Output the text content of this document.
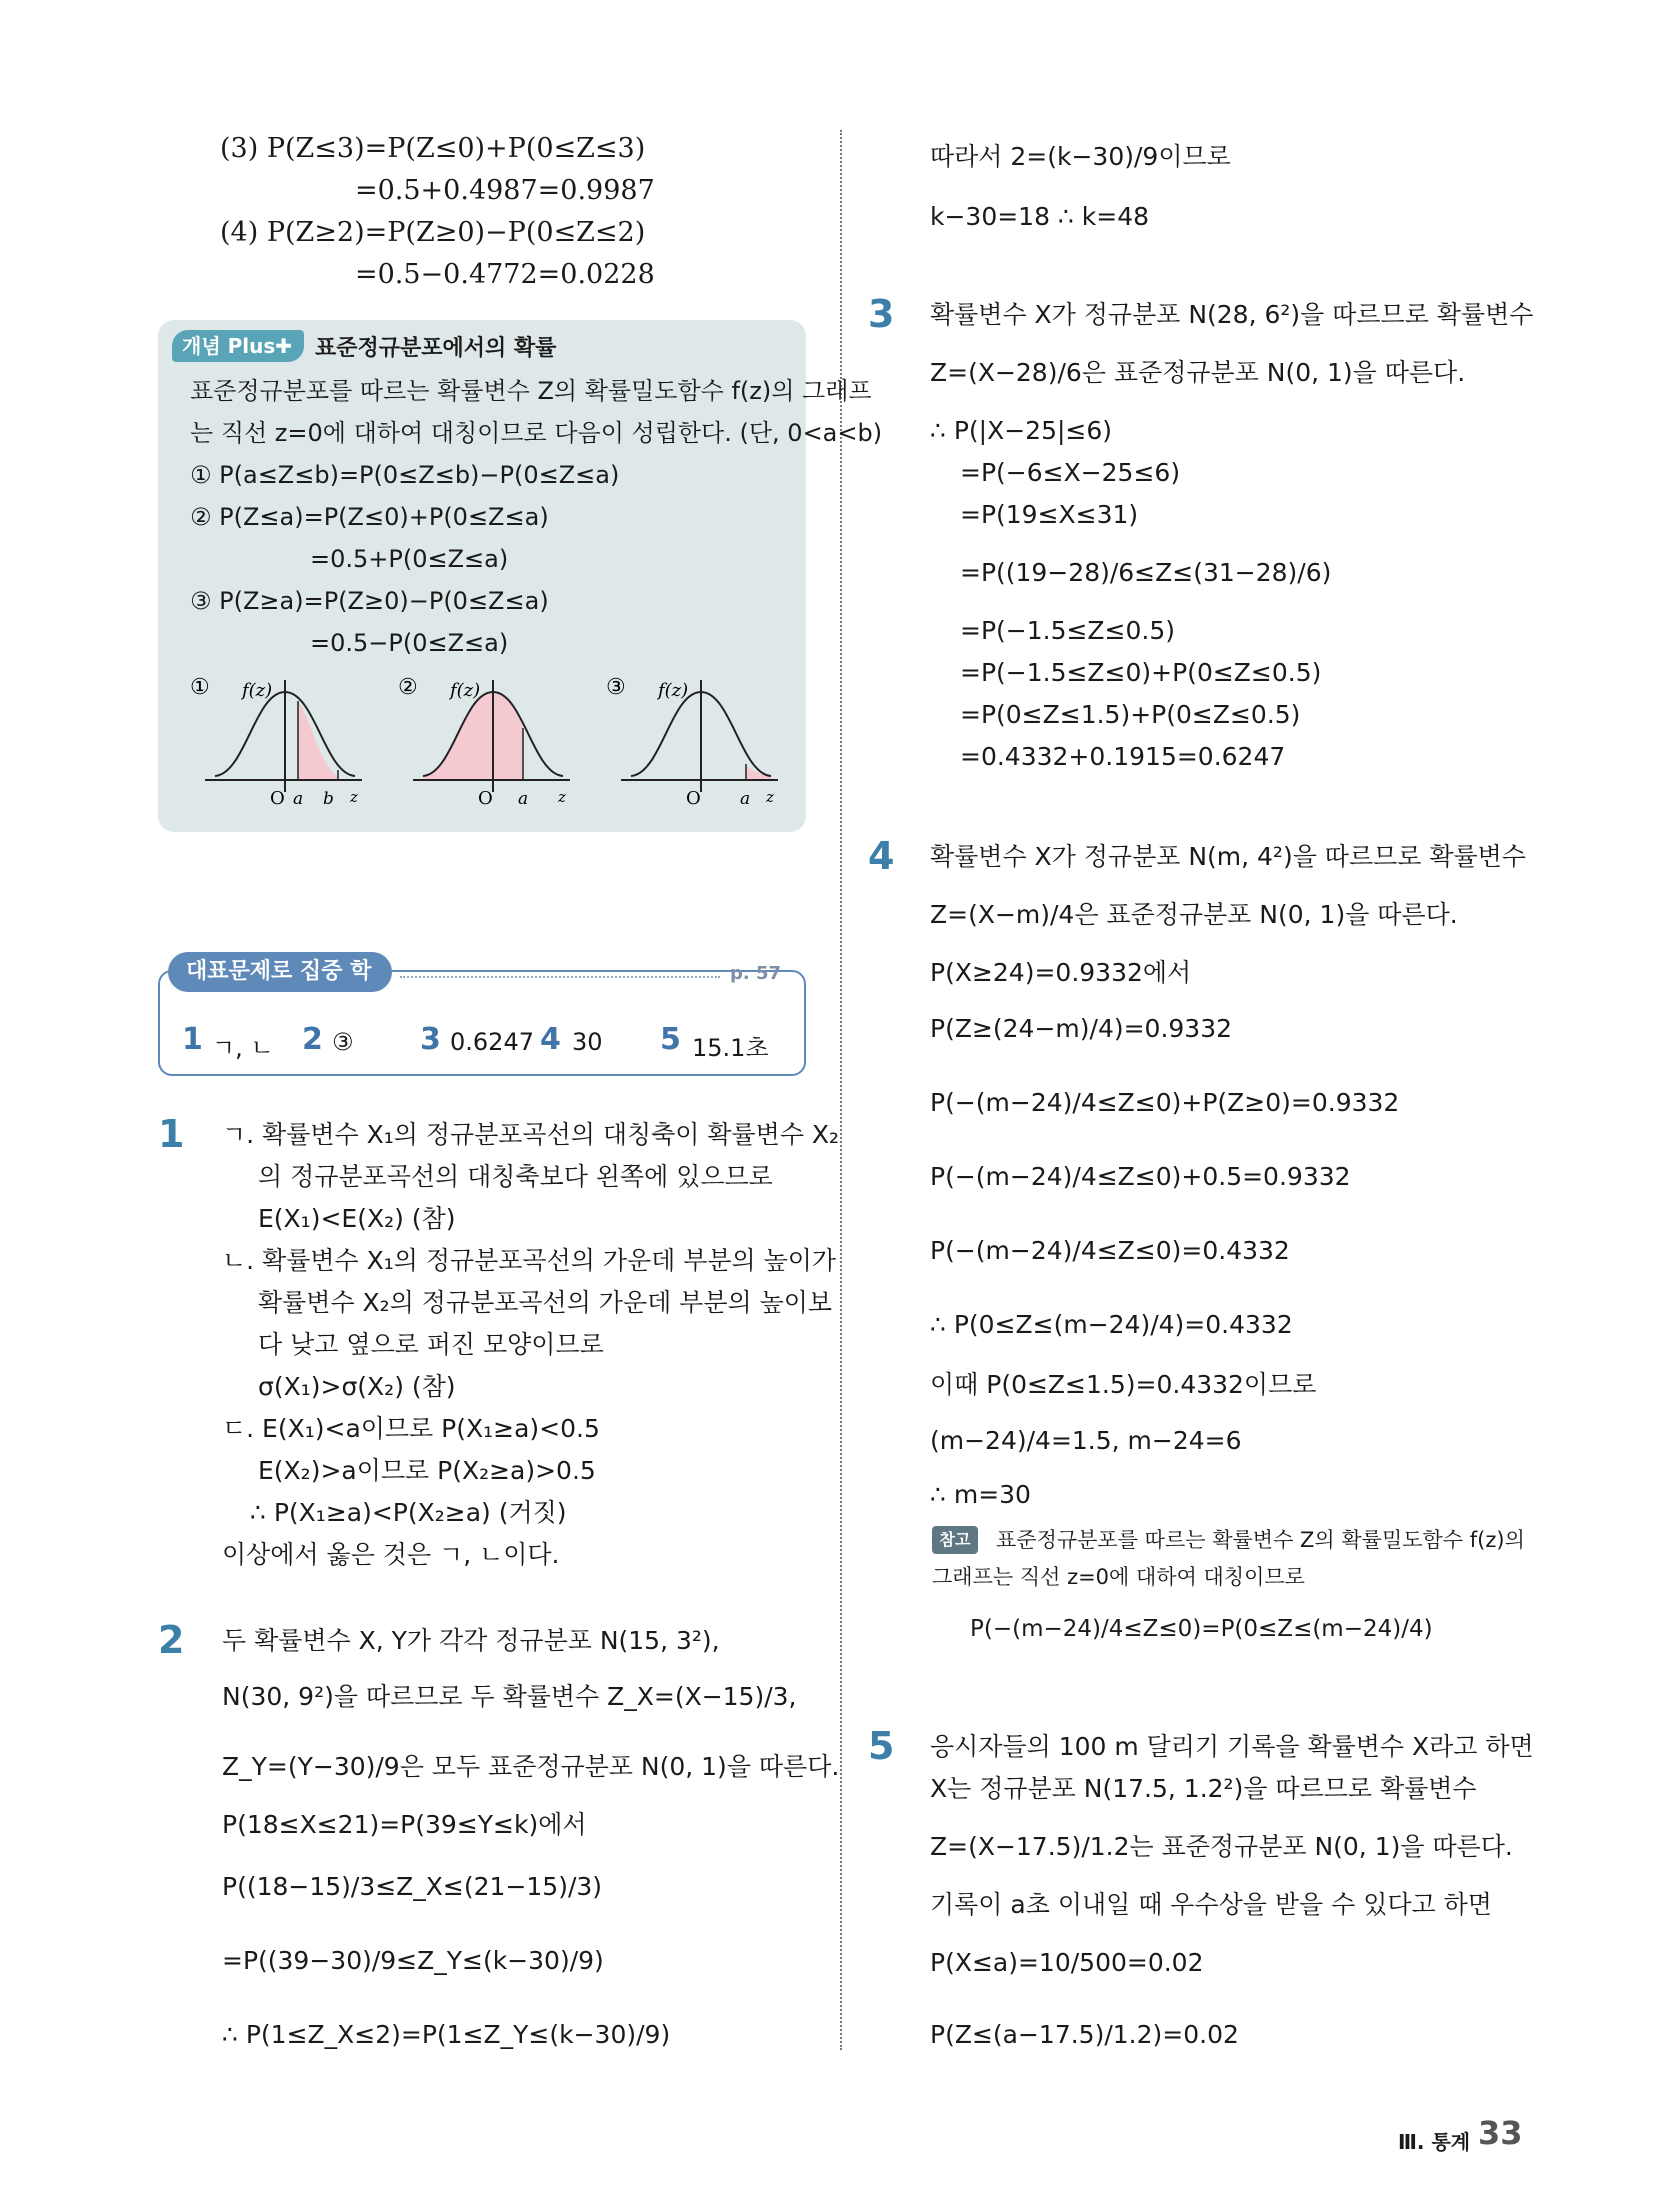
(3) P(Z≤3)=P(Z≤0)+P(0≤Z≤3)
=0.5+0.4987=0.9987
(4) P(Z≥2)=P(Z≥0)−P(0≤Z≤2)
=0.5−0.4772=0.0228
개념 Plus✚	표준정규분포에서의 확률
표준정규분포를 따르는 확률변수 Z의 확률밀도함수 f(z)의 그래프
는 직선 z=0에 대하여 대칭이므로 다음이 성립한다. (단, 0<a<b)
① P(a≤Z≤b)=P(0≤Z≤b)−P(0≤Z≤a)
② P(Z≤a)=P(Z≤0)+P(0≤Z≤a)
=0.5+P(0≤Z≤a)
③ P(Z≥a)=P(Z≥0)−P(0≤Z≤a)
=0.5−P(0≤Z≤a)
① f(z)
O a b z
② f(z)
O a z
③ f(z)
O a z
대표문제로 집중 학습
p. 57
1 ㄱ, ㄴ 2 ③ 3 0.6247 4 30 5 15.1초
1 ㄱ. 확률변수 X₁의 정규분포곡선의 대칭축이 확률변수 X₂
의 정규분포곡선의 대칭축보다 왼쪽에 있으므로
E(X₁)<E(X₂) (참)
ㄴ. 확률변수 X₁의 정규분포곡선의 가운데 부분의 높이가
확률변수 X₂의 정규분포곡선의 가운데 부분의 높이보
다 낮고 옆으로 퍼진 모양이므로
σ(X₁)>σ(X₂) (참)
ㄷ. E(X₁)<a이므로 P(X₁≥a)<0.5
E(X₂)>a이므로 P(X₂≥a)>0.5
∴ P(X₁≥a)<P(X₂≥a) (거짓)
이상에서 옳은 것은 ㄱ, ㄴ이다.
2 두 확률변수 X, Y가 각각 정규분포 N(15, 3²),
N(30, 9²)을 따르므로 두 확률변수 Z_X=(X−15)/3,
Z_Y=(Y−30)/9은 모두 표준정규분포 N(0, 1)을 따른다.
P(18≤X≤21)=P(39≤Y≤k)에서
P((18−15)/3≤Z_X≤(21−15)/3)
=P((39−30)/9≤Z_Y≤(k−30)/9)
∴ P(1≤Z_X≤2)=P(1≤Z_Y≤(k−30)/9)
따라서 2=(k−30)/9이므로
k−30=18 ∴ k=48
3 확률변수 X가 정규분포 N(28, 6²)을 따르므로 확률변수
Z=(X−28)/6은 표준정규분포 N(0, 1)을 따른다.
∴ P(|X−25|≤6)
=P(−6≤X−25≤6)
=P(19≤X≤31)
=P((19−28)/6≤Z≤(31−28)/6)
=P(−1.5≤Z≤0.5)
=P(−1.5≤Z≤0)+P(0≤Z≤0.5)
=P(0≤Z≤1.5)+P(0≤Z≤0.5)
=0.4332+0.1915=0.6247
4 확률변수 X가 정규분포 N(m, 4²)을 따르므로 확률변수
Z=(X−m)/4은 표준정규분포 N(0, 1)을 따른다.
P(X≥24)=0.9332에서
P(Z≥(24−m)/4)=0.9332
P(−(m−24)/4≤Z≤0)+P(Z≥0)=0.9332
P(−(m−24)/4≤Z≤0)+0.5=0.9332
P(−(m−24)/4≤Z≤0)=0.4332
∴ P(0≤Z≤(m−24)/4)=0.4332
이때 P(0≤Z≤1.5)=0.4332이므로
(m−24)/4=1.5, m−24=6
∴ m=30
참고	표준정규분포를 따르는 확률변수 Z의 확률밀도함수 f(z)의
그래프는 직선 z=0에 대하여 대칭이므로
P(−(m−24)/4≤Z≤0)=P(0≤Z≤(m−24)/4)
5 응시자들의 100 m 달리기 기록을 확률변수 X라고 하면
X는 정규분포 N(17.5, 1.2²)을 따르므로 확률변수
Z=(X−17.5)/1.2는 표준정규분포 N(0, 1)을 따른다.
기록이 a초 이내일 때 우수상을 받을 수 있다고 하면
P(X≤a)=10/500=0.02
P(Z≤(a−17.5)/1.2)=0.02
Ⅲ. 통계 33
